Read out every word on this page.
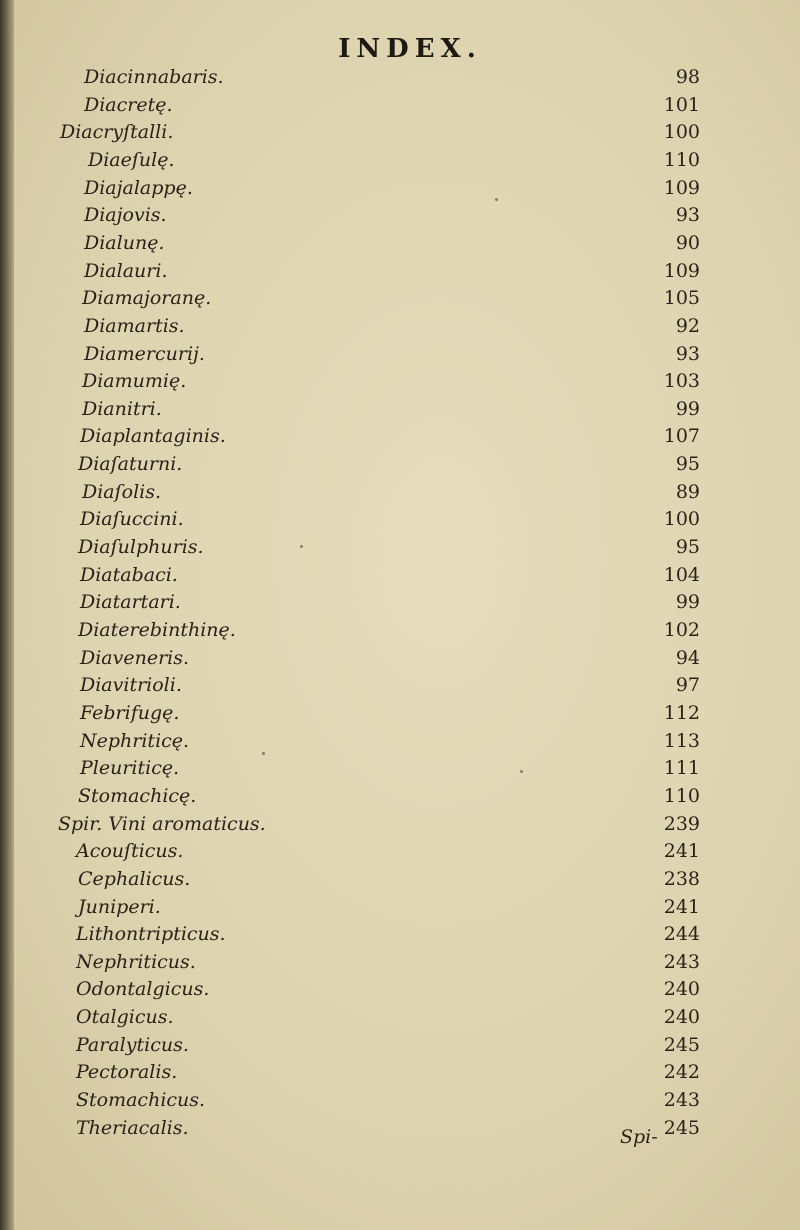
INDEX.
Diacinnabaris.	98
Diacretę.	101
Diacryſtalli.	100
Diaeſulę.	110
Diajalappę.	109
Diajovis.	93
Dialunę.	90
Dialauri.	109
Diamajoranę.	105
Diamartis.	92
Diamercurij.	93
Diamumię.	103
Dianitri.	99
Diaplantaginis.	107
Diaſaturni.	95
Diaſolis.	89
Diaſuccini.	100
Diaſulphuris.	95
Diatabaci.	104
Diatartari.	99
Diaterebinthinę.	102
Diaveneris.	94
Diavitrioli.	97
Febrifugę.	112
Nephriticę.	113
Pleuriticę.	111
Stomachicę.	110
Spir. Vini aromaticus.	239
Acouſticus.	241
Cephalicus.	238
Juniperi.	241
Lithontripticus.	244
Nephriticus.	243
Odontalgicus.	240
Otalgicus.	240
Paralyticus.	245
Pectoralis.	242
Stomachicus.	243
Theriacalis.	245
Spi-
